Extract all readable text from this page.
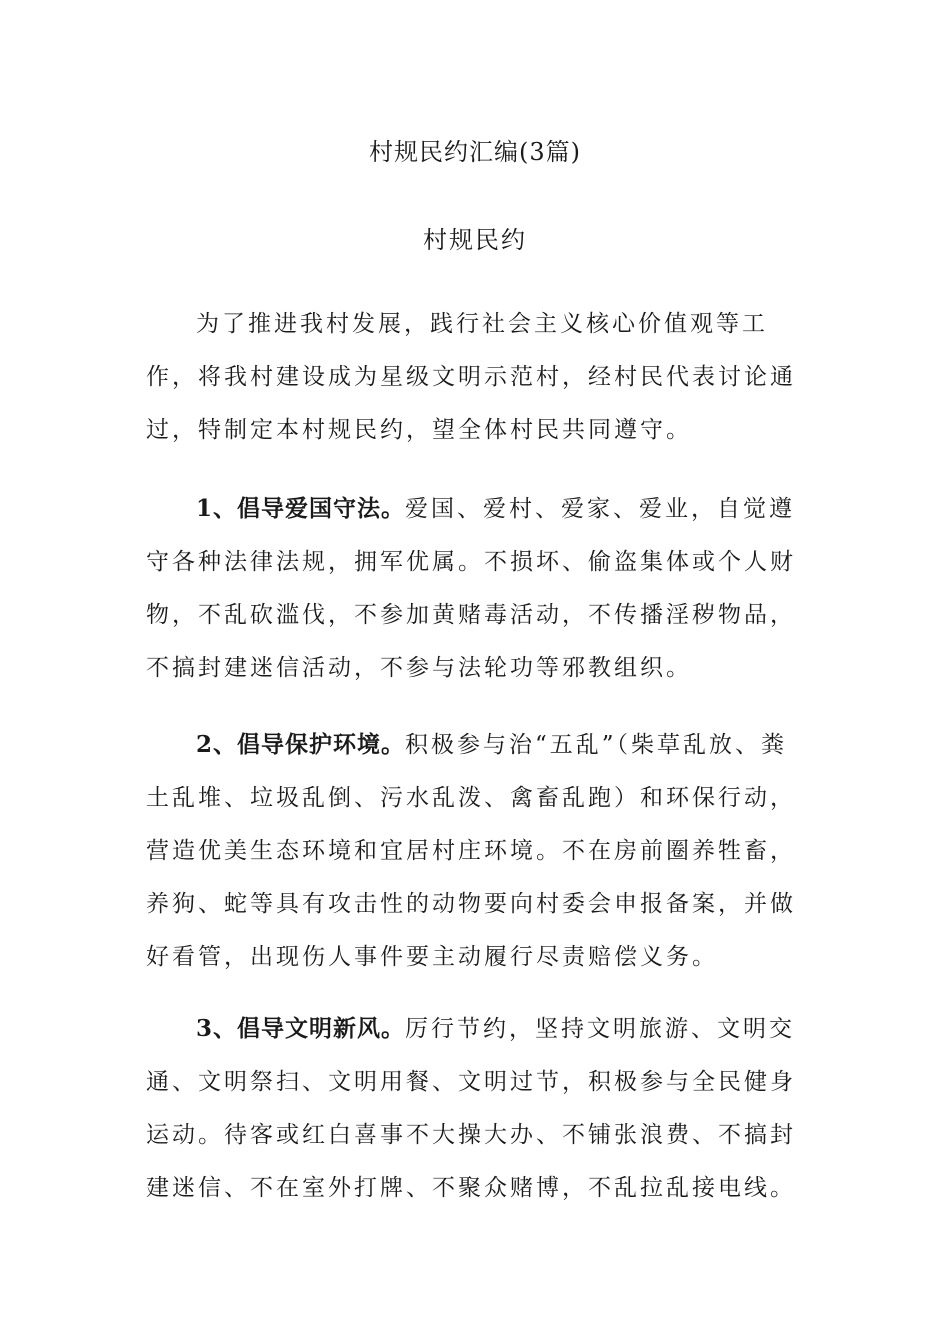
村规民约汇编(3篇)
村规民约

为了推进我村发展，践行社会主义核心价值观等工作，将我村建设成为星级文明示范村，经村民代表讨论通过，特制定本村规民约，望全体村民共同遵守。

1、倡导爱国守法。爱国、爱村、爱家、爱业，自觉遵守各种法律法规，拥军优属。不损坏、偷盗集体或个人财物，不乱砍滥伐，不参加黄赌毒活动，不传播淫秽物品，不搞封建迷信活动，不参与法轮功等邪教组织。

2、倡导保护环境。积极参与治“五乱”（柴草乱放、粪土乱堆、垃圾乱倒、污水乱泼、禽畜乱跑）和环保行动，营造优美生态环境和宜居村庄环境。不在房前圈养牲畜，养狗、蛇等具有攻击性的动物要向村委会申报备案，并做好看管，出现伤人事件要主动履行尽责赔偿义务。

3、倡导文明新风。厉行节约，坚持文明旅游、文明交通、文明祭扫、文明用餐、文明过节，积极参与全民健身运动。待客或红白喜事不大操大办、不铺张浪费、不搞封建迷信、不在室外打牌、不聚众赌博，不乱拉乱接电线。
